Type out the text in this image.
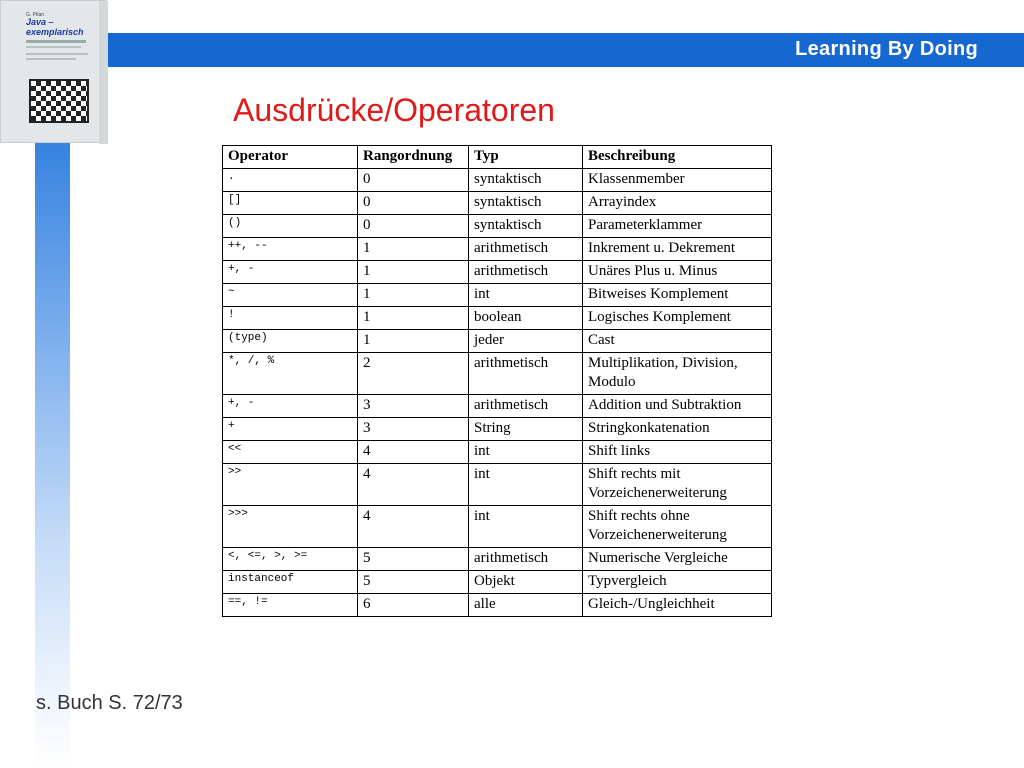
Learning By Doing
G. Ptlan
Java –
exemplarisch
Ausdrücke/Operatoren
Operator	Rangordnung	Typ	Beschreibung
.	0	syntaktisch	Klassenmember
[]	0	syntaktisch	Arrayindex
()	0	syntaktisch	Parameterklammer
++, --	1	arithmetisch	Inkrement u. Dekrement
+, -	1	arithmetisch	Unäres Plus u. Minus
~	1	int	Bitweises Komplement
!	1	boolean	Logisches Komplement
(type)	1	jeder	Cast
*, /, %	2	arithmetisch	Multiplikation, Division, Modulo
+, -	3	arithmetisch	Addition und Subtraktion
+	3	String	Stringkonkatenation
<<	4	int	Shift links
>>	4	int	Shift rechts mit Vorzeichenerweiterung
>>>	4	int	Shift rechts ohne Vorzeichenerweiterung
<, <=, >, >=	5	arithmetisch	Numerische Vergleiche
instanceof	5	Objekt	Typvergleich
==, !=	6	alle	Gleich-/Ungleichheit
s. Buch S. 72/73
